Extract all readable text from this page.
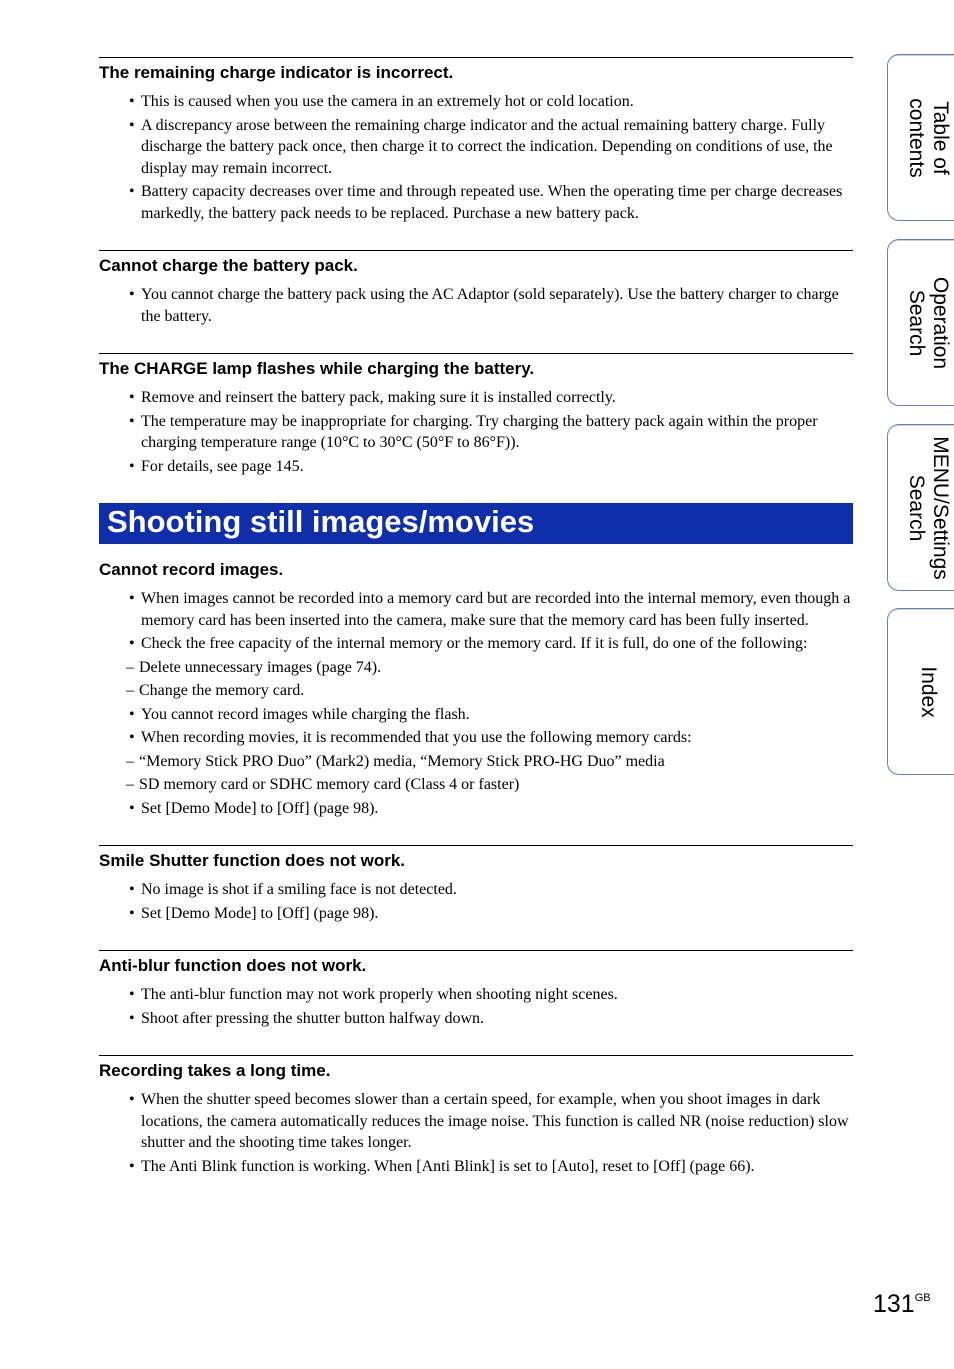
The remaining charge indicator is incorrect.
• This is caused when you use the camera in an extremely hot or cold location.
• A discrepancy arose between the remaining charge indicator and the actual remaining battery charge. Fully discharge the battery pack once, then charge it to correct the indication. Depending on conditions of use, the display may remain incorrect.
• Battery capacity decreases over time and through repeated use. When the operating time per charge decreases markedly, the battery pack needs to be replaced. Purchase a new battery pack.
Cannot charge the battery pack.
• You cannot charge the battery pack using the AC Adaptor (sold separately). Use the battery charger to charge the battery.
The CHARGE lamp flashes while charging the battery.
• Remove and reinsert the battery pack, making sure it is installed correctly.
• The temperature may be inappropriate for charging. Try charging the battery pack again within the proper charging temperature range (10°C to 30°C (50°F to 86°F)).
• For details, see page 145.
Shooting still images/movies
Cannot record images.
• When images cannot be recorded into a memory card but are recorded into the internal memory, even though a memory card has been inserted into the camera, make sure that the memory card has been fully inserted.
• Check the free capacity of the internal memory or the memory card. If it is full, do one of the following:
– Delete unnecessary images (page 74).
– Change the memory card.
• You cannot record images while charging the flash.
• When recording movies, it is recommended that you use the following memory cards:
– “Memory Stick PRO Duo” (Mark2) media, “Memory Stick PRO-HG Duo” media
– SD memory card or SDHC memory card (Class 4 or faster)
• Set [Demo Mode] to [Off] (page 98).
Smile Shutter function does not work.
• No image is shot if a smiling face is not detected.
• Set [Demo Mode] to [Off] (page 98).
Anti-blur function does not work.
• The anti-blur function may not work properly when shooting night scenes.
• Shoot after pressing the shutter button halfway down.
Recording takes a long time.
• When the shutter speed becomes slower than a certain speed, for example, when you shoot images in dark locations, the camera automatically reduces the image noise. This function is called NR (noise reduction) slow shutter and the shooting time takes longer.
• The Anti Blink function is working. When [Anti Blink] is set to [Auto], reset to [Off] (page 66).
Table of
contents
Operation
Search
MENU/Settings
Search
Index
$131^{GB}$
